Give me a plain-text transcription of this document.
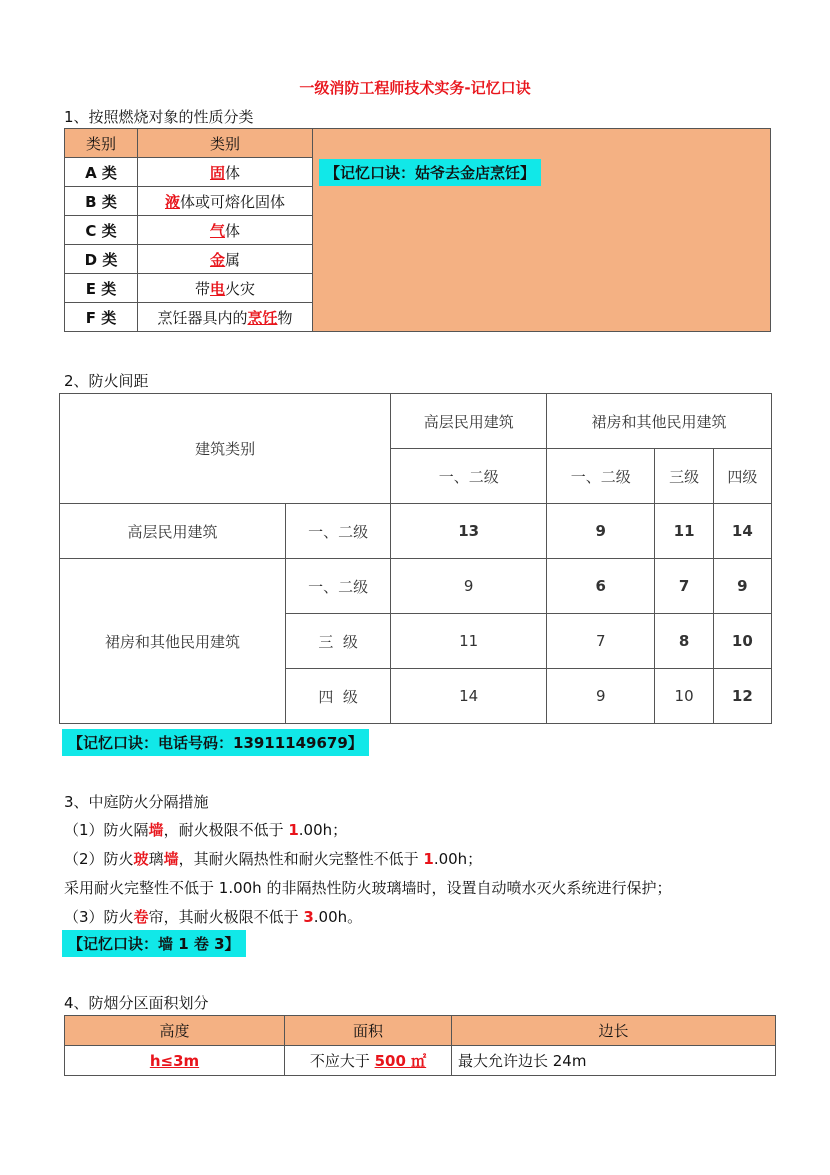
一级消防工程师技术实务-记忆口诀
1、按照燃烧对象的性质分类
类别	类别	【记忆口诀：姑爷去金店烹饪】
A 类	固体	
B 类	液体或可熔化固体	
C 类	气体	
D 类	金属	
E 类	带电火灾	
F 类	烹饪器具内的烹饪物	
2、防火间距
建筑类别		高层民用建筑	裙房和其他民用建筑		
		一、二级	一、二级	三级	四级
高层民用建筑	一、二级	13	9	11	14
裙房和其他民用建筑	一、二级	9	6	7	9
	三  级	11	7	8	10
	四  级	14	9	10	12
【记忆口诀：电话号码：13911149679】
3、中庭防火分隔措施
（1）防火隔墙，耐火极限不低于 1.00h；
（2）防火玻璃墙，其耐火隔热性和耐火完整性不低于 1.00h；
采用耐火完整性不低于 1.00h 的非隔热性防火玻璃墙时，设置自动喷水灭火系统进行保护；
（3）防火卷帘，其耐火极限不低于 3.00h。
【记忆口诀：墙 1 卷 3】
4、防烟分区面积划分
高度	面积	边长
h≤3m	不应大于 500 ㎡	最大允许边长 24m
